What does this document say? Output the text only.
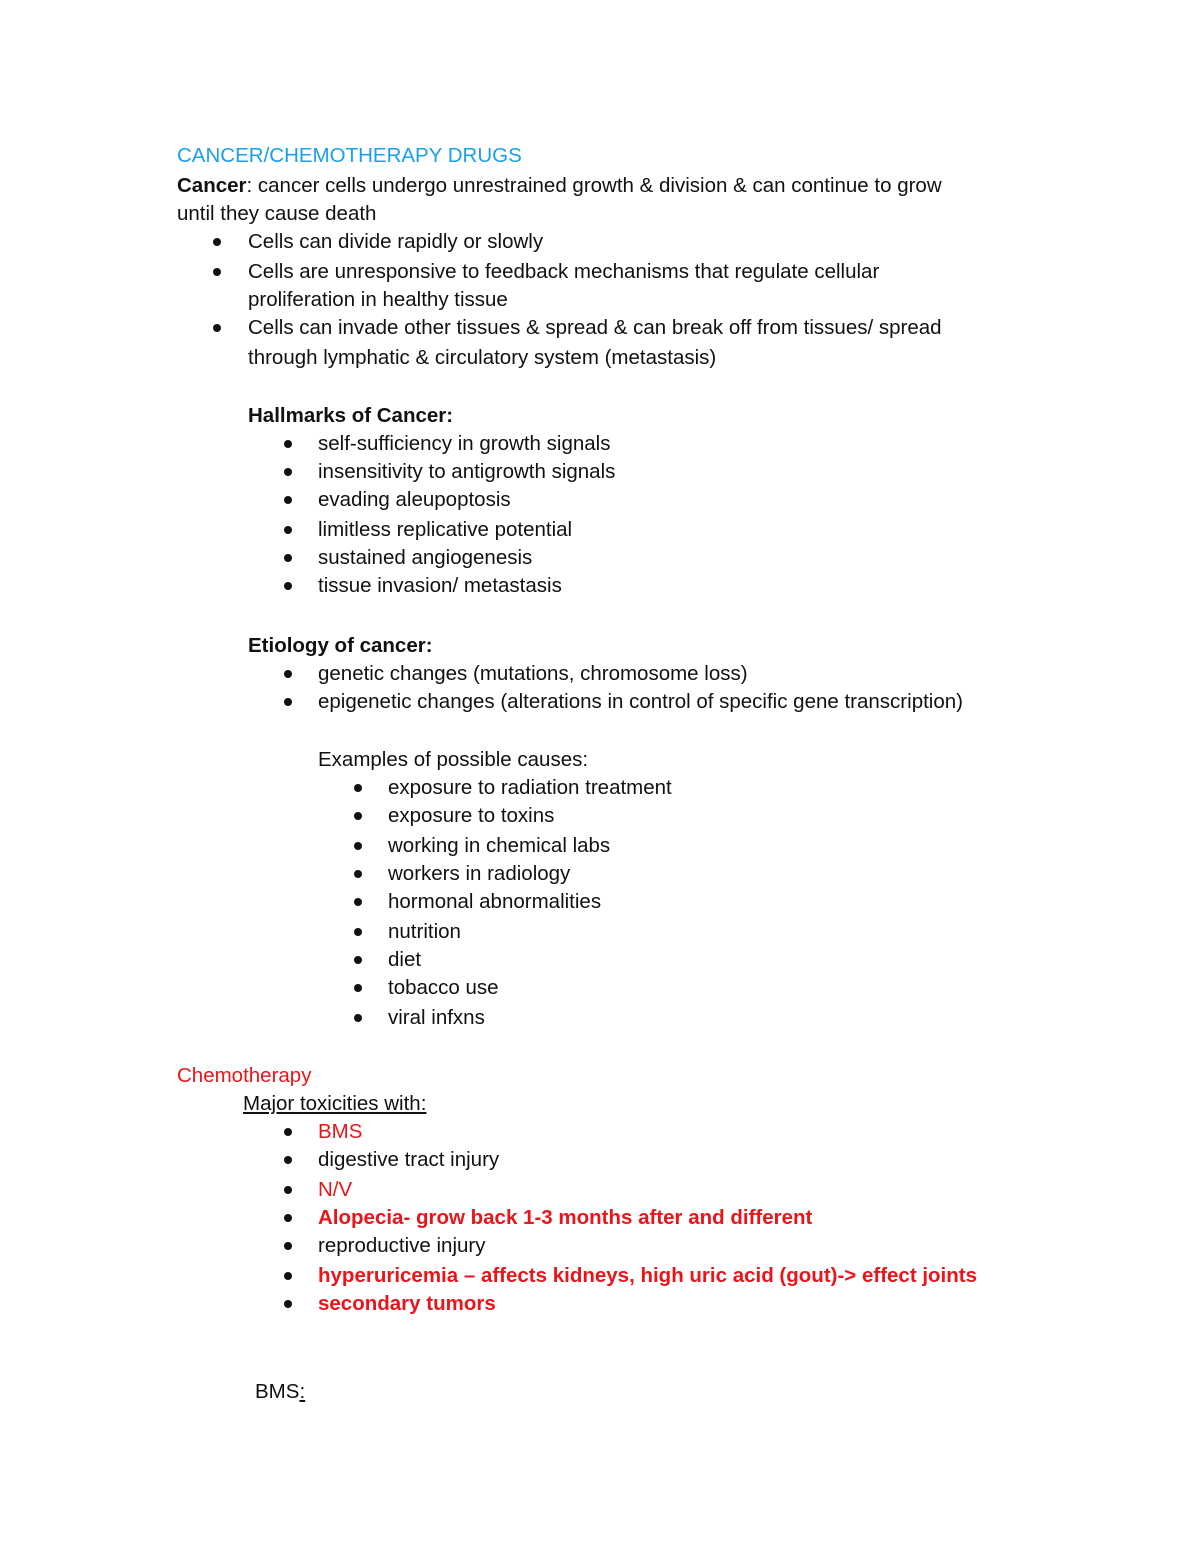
CANCER/CHEMOTHERAPY DRUGS
Cancer: cancer cells undergo unrestrained growth & division & can continue to grow
until they cause death
Cells can divide rapidly or slowly
Cells are unresponsive to feedback mechanisms that regulate cellular
proliferation in healthy tissue
Cells can invade other tissues & spread & can break off from tissues/ spread
through lymphatic & circulatory system (metastasis)
Hallmarks of Cancer:
self-sufficiency in growth signals
insensitivity to antigrowth signals
evading aleupoptosis
limitless replicative potential
sustained angiogenesis
tissue invasion/ metastasis
Etiology of cancer:
genetic changes (mutations, chromosome loss)
epigenetic changes (alterations in control of specific gene transcription)
Examples of possible causes:
exposure to radiation treatment
exposure to toxins
working in chemical labs
workers in radiology
hormonal abnormalities
nutrition
diet
tobacco use
viral infxns
Chemotherapy
Major toxicities with:
BMS
digestive tract injury
N/V
Alopecia- grow back 1-3 months after and different
reproductive injury
hyperuricemia – affects kidneys, high uric acid (gout)-> effect joints
secondary tumors
BMS:
